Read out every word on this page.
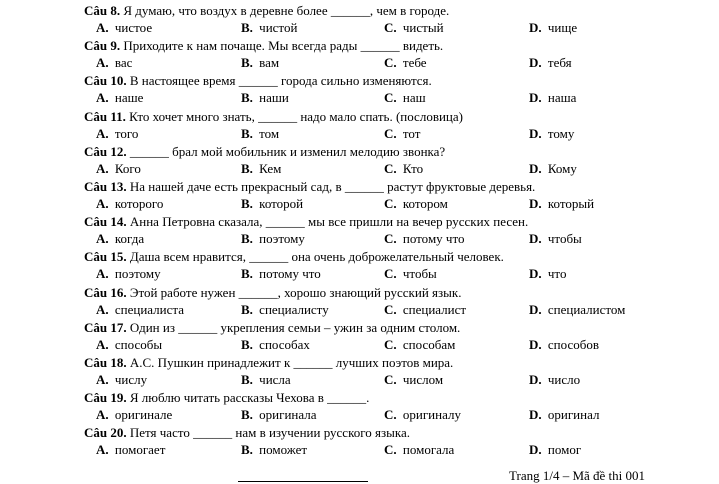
Câu 8. Я думаю, что воздух в деревне более ______, чем в городе.
A. чистое	B. чистой	C. чистый	D. чище
Câu 9. Приходите к нам почаще. Мы всегда рады ______ видеть.
A. вас	B. вам	C. тебе	D. тебя
Câu 10. В настоящее время ______ города сильно изменяются.
A. наше	B. наши	C. наш	D. наша
Câu 11. Кто хочет много знать, ______ надо мало спать. (пословица)
A. того	B. том	C. тот	D. тому
Câu 12. ______ брал мой мобильник и изменил мелодию звонка?
A. Кого	B. Кем	C. Кто	D. Кому
Câu 13. На нашей даче есть прекрасный сад, в ______ растут фруктовые деревья.
A. которого	B. которой	C. котором	D. который
Câu 14. Анна Петровна сказала, ______ мы все пришли на вечер русских песен.
A. когда	B. поэтому	C. потому что	D. чтобы
Câu 15. Даша всем нравится, ______ она очень доброжелательный человек.
A. поэтому	B. потому что	C. чтобы	D. что
Câu 16. Этой работе нужен ______, хорошо знающий русский язык.
A. специалиста	B. специалисту	C. специалист	D. специалистом
Câu 17. Один из ______ укрепления семьи – ужин за одним столом.
A. способы	B. способах	C. способам	D. способов
Câu 18. А.С. Пушкин принадлежит к ______ лучших поэтов мира.
A. числу	B. числа	C. числом	D. число
Câu 19. Я люблю читать рассказы Чехова в ______.
A. оригинале	B. оригинала	C. оригиналу	D. оригинал
Câu 20. Петя часто ______ нам в изучении русского языка.
A. помогает	B. поможет	C. помогала	D. помог
Trang 1/4 – Mã đề thi 001
